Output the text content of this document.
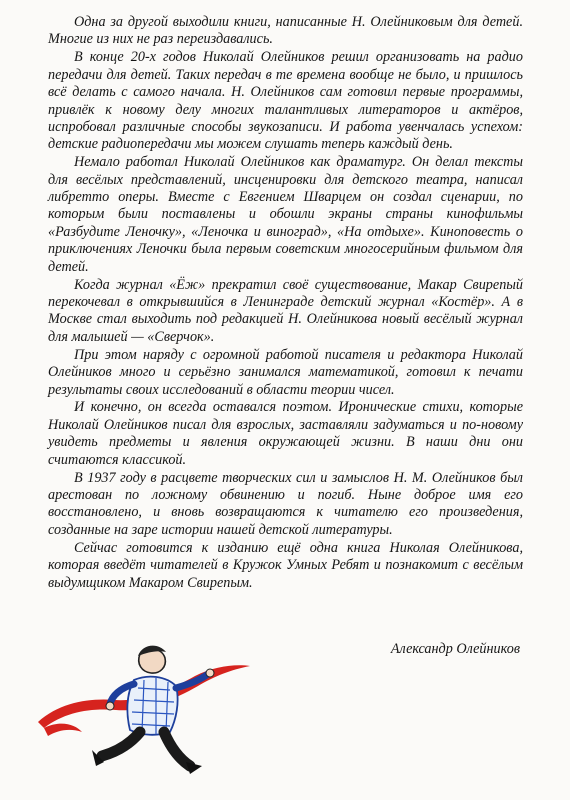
Одна за другой выходили книги, написанные Н. Олейниковым для детей. Многие из них не раз переиздавались.

В конце 20-х годов Николай Олейников решил организовать на радио передачи для детей. Таких передач в те времена вообще не было, и пришлось всё делать с самого начала. Н. Олейников сам готовил первые программы, привлёк к новому делу многих талантливых литераторов и актёров, испробовал различные способы звукозаписи. И работа увенчалась успехом: детские радиопередачи мы можем слушать теперь каждый день.

Немало работал Николай Олейников как драматург. Он делал тексты для весёлых представлений, инсценировки для детского театра, написал либретто оперы. Вместе с Евгением Шварцем он создал сценарии, по которым были поставлены и обошли экраны страны кинофильмы «Разбудите Леночку», «Леночка и виноград», «На отдыхе». Киноповесть о приключениях Леночки была первым советским многосерийным фильмом для детей.

Когда журнал «Ёж» прекратил своё существование, Макар Свирепый перекочевал в открывшийся в Ленинграде детский журнал «Костёр». А в Москве стал выходить под редакцией Н. Олейникова новый весёлый журнал для малышей — «Сверчок».

При этом наряду с огромной работой писателя и редактора Николай Олейников много и серьёзно занимался математикой, готовил к печати результаты своих исследований в области теории чисел.

И конечно, он всегда оставался поэтом. Иронические стихи, которые Николай Олейников писал для взрослых, заставляли задуматься и по-новому увидеть предметы и явления окружающей жизни. В наши дни они считаются классикой.

В 1937 году в расцвете творческих сил и замыслов Н. М. Олейников был арестован по ложному обвинению и погиб. Ныне доброе имя его восстановлено, и вновь возвращаются к читателю его произведения, созданные на заре истории нашей детской литературы.

Сейчас готовится к изданию ещё одна книга Николая Олейникова, которая введёт читателей в Кружок Умных Ребят и познакомит с весёлым выдумщиком Макаром Свирепым.

Александр Олейников
